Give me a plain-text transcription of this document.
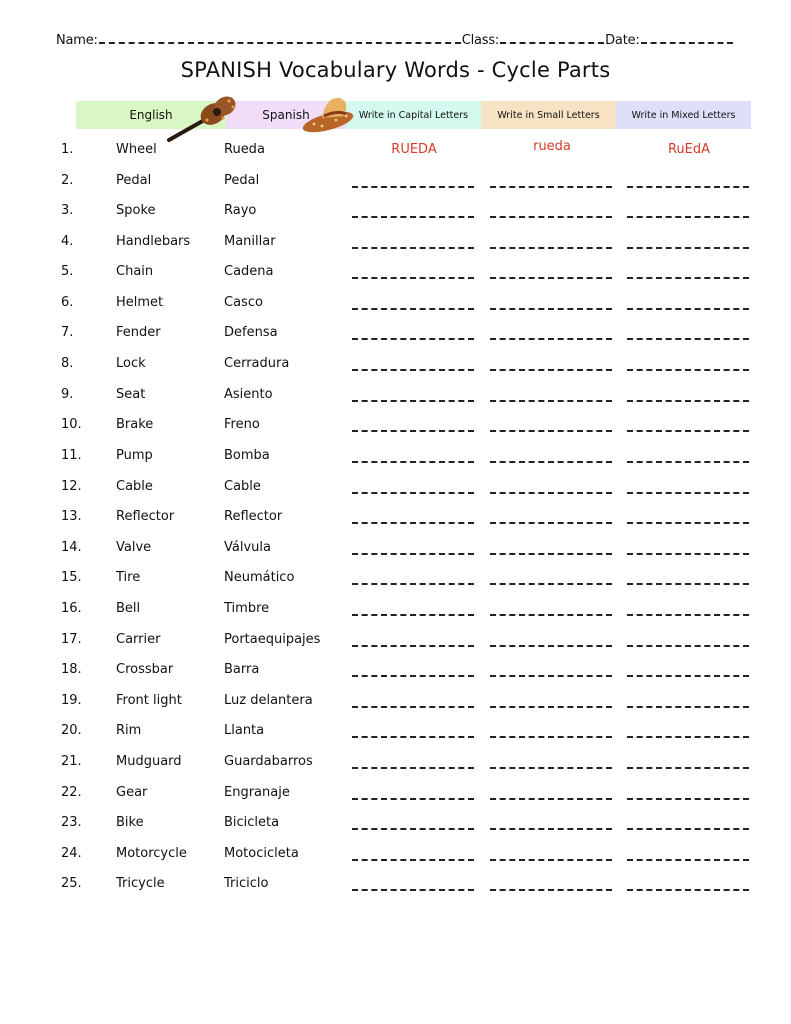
Name:	Class:	Date:
SPANISH Vocabulary Words - Cycle Parts
English	Spanish	Write in Capital Letters	Write in Small Letters	Write in Mixed Letters
1.	Wheel	Rueda	RUEDA	rueda	RuEdA
2.	Pedal	Pedal
3.	Spoke	Rayo
4.	Handlebars	Manillar
5.	Chain	Cadena
6.	Helmet	Casco
7.	Fender	Defensa
8.	Lock	Cerradura
9.	Seat	Asiento
10.	Brake	Freno
11.	Pump	Bomba
12.	Cable	Cable
13.	Reflector	Reflector
14.	Valve	Válvula
15.	Tire	Neumático
16.	Bell	Timbre
17.	Carrier	Portaequipajes
18.	Crossbar	Barra
19.	Front light	Luz delantera
20.	Rim	Llanta
21.	Mudguard	Guardabarros
22.	Gear	Engranaje
23.	Bike	Bicicleta
24.	Motorcycle	Motocicleta
25.	Tricycle	Triciclo
